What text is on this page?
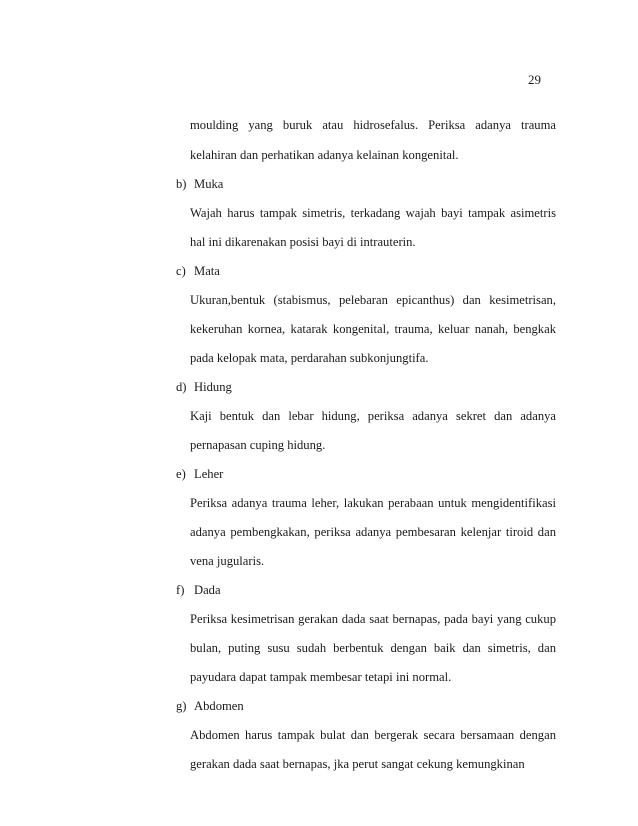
29
moulding yang buruk atau hidrosefalus. Periksa adanya trauma
kelahiran dan perhatikan adanya kelainan kongenital.
b) Muka
Wajah harus tampak simetris, terkadang wajah bayi tampak asimetris
hal ini dikarenakan posisi bayi di intrauterin.
c) Mata
Ukuran,bentuk (stabismus, pelebaran epicanthus) dan kesimetrisan,
kekeruhan kornea, katarak kongenital, trauma, keluar nanah, bengkak
pada kelopak mata, perdarahan subkonjungtifa.
d) Hidung
Kaji bentuk dan lebar hidung, periksa adanya sekret dan adanya
pernapasan cuping hidung.
e) Leher
Periksa adanya trauma leher, lakukan perabaan untuk mengidentifikasi
adanya pembengkakan, periksa adanya pembesaran kelenjar tiroid dan
vena jugularis.
f) Dada
Periksa kesimetrisan gerakan dada saat bernapas, pada bayi yang cukup
bulan, puting susu sudah berbentuk dengan baik dan simetris, dan
payudara dapat tampak membesar tetapi ini normal.
g) Abdomen
Abdomen harus tampak bulat dan bergerak secara bersamaan dengan
gerakan dada saat bernapas, jka perut sangat cekung kemungkinan
